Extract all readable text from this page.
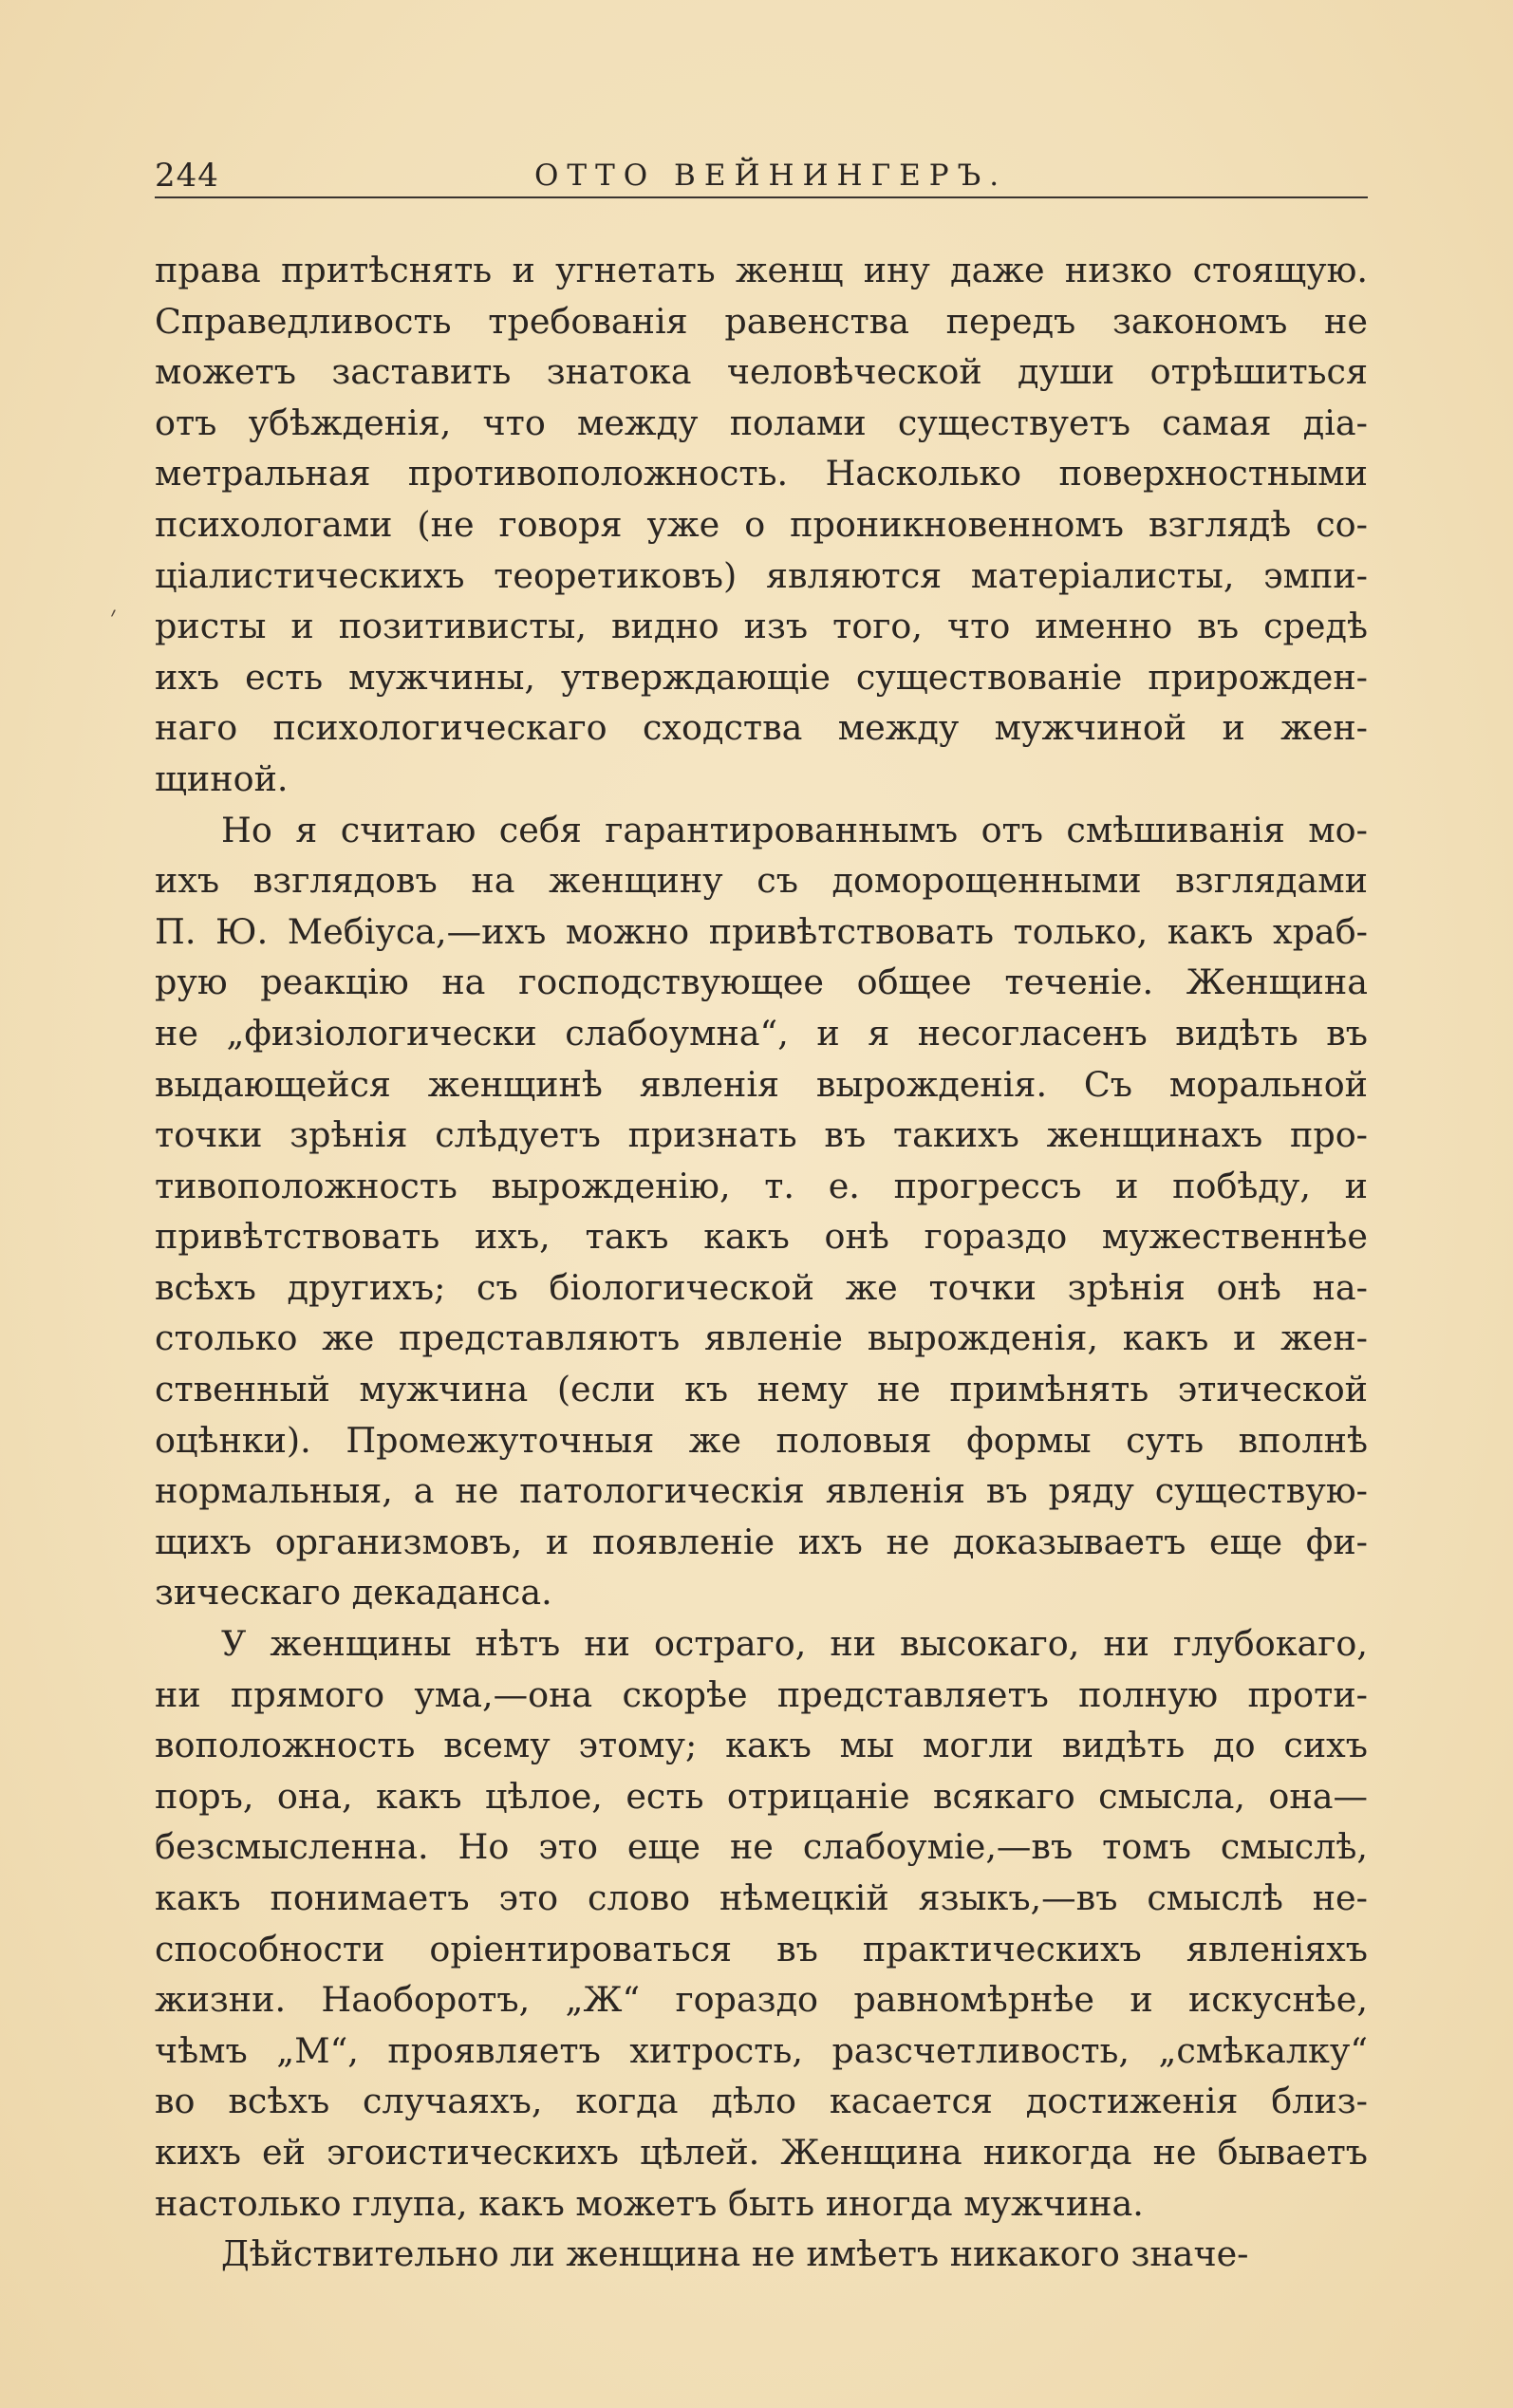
244	ОТТО ВЕЙНИНГЕРЪ.
׳
права притѣснять и угнетать женщ ину даже низко стоящую.
Справедливость требованія равенства передъ закономъ не
можетъ заставить знатока человѣческой души отрѣшиться
отъ убѣжденія, что между полами существуетъ самая діа-
метральная противоположность. Насколько поверхностными
психологами (не говоря уже о проникновенномъ взглядѣ со-
ціалистическихъ теоретиковъ) являются матеріалисты, эмпи-
ристы и позитивисты, видно изъ того, что именно въ средѣ
ихъ есть мужчины, утверждающіе существованіе прирожден-
наго психологическаго сходства между мужчиной и жен-
щиной.
Но я считаю себя гарантированнымъ отъ смѣшиванія мо-
ихъ взглядовъ на женщину съ доморощенными взглядами
П. Ю. Мебіуса,—ихъ можно привѣтствовать только, какъ храб-
рую реакцію на господствующее общее теченіе. Женщина
не „физіологически слабоумна“, и я несогласенъ видѣть въ
выдающейся женщинѣ явленія вырожденія. Съ моральной
точки зрѣнія слѣдуетъ признать въ такихъ женщинахъ про-
тивоположность вырожденію, т. е. прогрессъ и побѣду, и
привѣтствовать ихъ, такъ какъ онѣ гораздо мужественнѣе
всѣхъ другихъ; съ біологической же точки зрѣнія онѣ на-
столько же представляютъ явленіе вырожденія, какъ и жен-
ственный мужчина (если къ нему не примѣнять этической
оцѣнки). Промежуточныя же половыя формы суть вполнѣ
нормальныя, а не патологическія явленія въ ряду существую-
щихъ организмовъ, и появленіе ихъ не доказываетъ еще фи-
зическаго декаданса.
У женщины нѣтъ ни остраго, ни высокаго, ни глубокаго,
ни прямого ума,—она скорѣе представляетъ полную проти-
воположность всему этому; какъ мы могли видѣть до сихъ
поръ, она, какъ цѣлое, есть отрицаніе всякаго смысла, она—
безсмысленна. Но это еще не слабоуміе,—въ томъ смыслѣ,
какъ понимаетъ это слово нѣмецкій языкъ,—въ смыслѣ не-
способности оріентироваться въ практическихъ явленіяхъ
жизни. Наоборотъ, „Ж“ гораздо равномѣрнѣе и искуснѣе,
чѣмъ „М“, проявляетъ хитрость, разсчетливость, „смѣкалку“
во всѣхъ случаяхъ, когда дѣло касается достиженія близ-
кихъ ей эгоистическихъ цѣлей. Женщина никогда не бываетъ
настолько глупа, какъ можетъ быть иногда мужчина.
Дѣйствительно ли женщина не имѣетъ никакого значе-
